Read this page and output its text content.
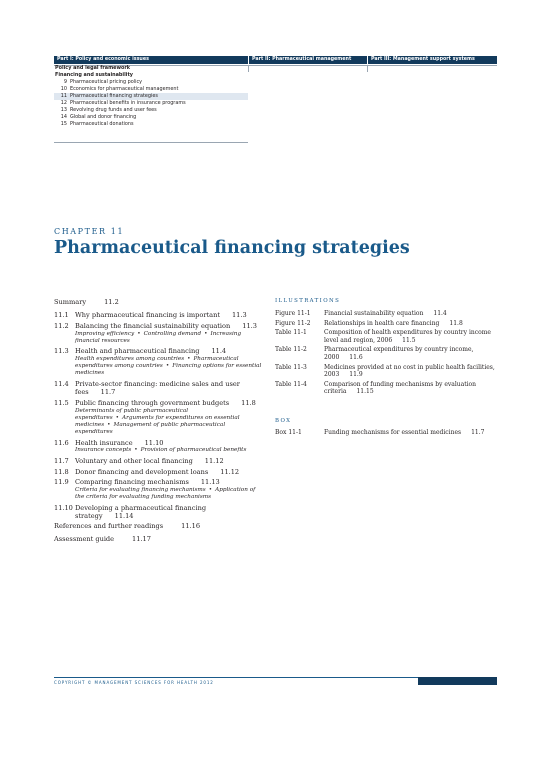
Part I: Policy and economic issues	Part II: Pharmaceutical management	Part III: Management support systems
Policy and legal framework
Financing and sustainability
9 Pharmaceutical pricing policy
10 Economics for pharmaceutical management
11 Pharmaceutical financing strategies
12 Pharmaceutical benefits in insurance programs
13 Revolving drug funds and user fees
14 Global and donor financing
15 Pharmaceutical donations
CHAPTER 11
Pharmaceutical financing strategies
Summary	11.2
11.1 Why pharmaceutical financing is important 11.3
11.2 Balancing the financial sustainability equation 11.3
Improving efficiency • Controlling demand • Increasing financial resources
11.3 Health and pharmaceutical financing 11.4
Health expenditures among countries • Pharmaceutical expenditures among countries • Financing options for essential medicines
11.4 Private-sector financing: medicine sales and user fees 11.7
11.5 Public financing through government budgets 11.8
Determinants of public pharmaceutical expenditures • Arguments for expenditures on essential medicines • Management of public pharmaceutical expenditures
11.6 Health insurance 11.10
Insurance concepts • Provision of pharmaceutical benefits
11.7 Voluntary and other local financing 11.12
11.8 Donor financing and development loans 11.12
11.9 Comparing financing mechanisms 11.13
Criteria for evaluating financing mechanisms • Application of the criteria for evaluating funding mechanisms
11.10 Developing a pharmaceutical financing strategy 11.14
References and further readings	11.16
Assessment guide	11.17
ILLUSTRATIONS
Figure 11-1	Financial sustainability equation 11.4
Figure 11-2	Relationships in health care financing 11.8
Table 11-1	Composition of health expenditures by country income level and region, 2006 11.5
Table 11-2	Pharmaceutical expenditures by country income, 2000 11.6
Table 11-3	Medicines provided at no cost in public health facilities, 2003 11.9
Table 11-4	Comparison of funding mechanisms by evaluation criteria 11.15
BOX
Box 11-1	Funding mechanisms for essential medicines 11.7
COPYRIGHT © MANAGEMENT SCIENCES FOR HEALTH 2012
